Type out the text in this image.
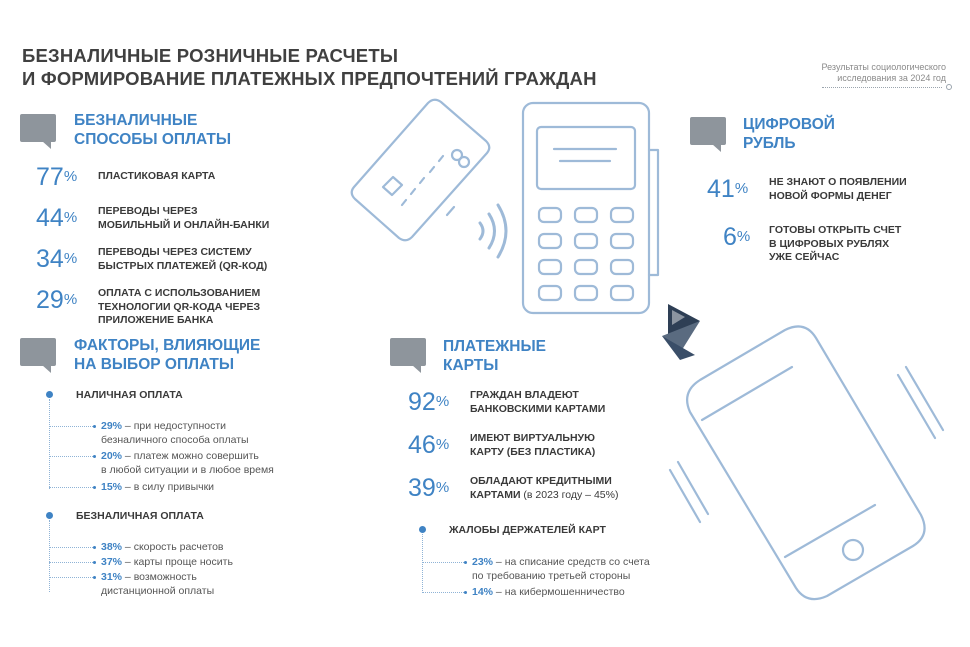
БЕЗНАЛИЧНЫЕ РОЗНИЧНЫЕ РАСЧЕТЫ
И ФОРМИРОВАНИЕ ПЛАТЕЖНЫХ ПРЕДПОЧТЕНИЙ ГРАЖДАН
Результаты социологического
исследования за 2024 год
БЕЗНАЛИЧНЫЕ
СПОСОБЫ ОПЛАТЫ
77%	ПЛАСТИКОВАЯ КАРТА
44%	ПЕРЕВОДЫ ЧЕРЕЗ
МОБИЛЬНЫЙ И ОНЛАЙН-БАНКИ
34%	ПЕРЕВОДЫ ЧЕРЕЗ СИСТЕМУ
БЫСТРЫХ ПЛАТЕЖЕЙ (QR-КОД)
29%	ОПЛАТА С ИСПОЛЬЗОВАНИЕМ
ТЕХНОЛОГИИ QR-КОДА ЧЕРЕЗ
ПРИЛОЖЕНИЕ БАНКА
ФАКТОРЫ, ВЛИЯЮЩИЕ
НА ВЫБОР ОПЛАТЫ
НАЛИЧНАЯ ОПЛАТА
29% – при недоступности
безналичного способа оплаты
20% – платеж можно совершить
в любой ситуации и в любое время
15% – в силу привычки
БЕЗНАЛИЧНАЯ ОПЛАТА
38% – скорость расчетов
37% – карты проще носить
31% – возможность
дистанционной оплаты
ЦИФРОВОЙ
РУБЛЬ
41%	НЕ ЗНАЮТ О ПОЯВЛЕНИИ
НОВОЙ ФОРМЫ ДЕНЕГ
6%	ГОТОВЫ ОТКРЫТЬ СЧЕТ
В ЦИФРОВЫХ РУБЛЯХ
УЖЕ СЕЙЧАС
ПЛАТЕЖНЫЕ
КАРТЫ
92%	ГРАЖДАН ВЛАДЕЮТ
БАНКОВСКИМИ КАРТАМИ
46%	ИМЕЮТ ВИРТУАЛЬНУЮ
КАРТУ (БЕЗ ПЛАСТИКА)
39%	ОБЛАДАЮТ КРЕДИТНЫМИ
КАРТАМИ (в 2023 году – 45%)
ЖАЛОБЫ ДЕРЖАТЕЛЕЙ КАРТ
23% – на списание средств со счета
по требованию третьей стороны
14% – на кибермошенничество
